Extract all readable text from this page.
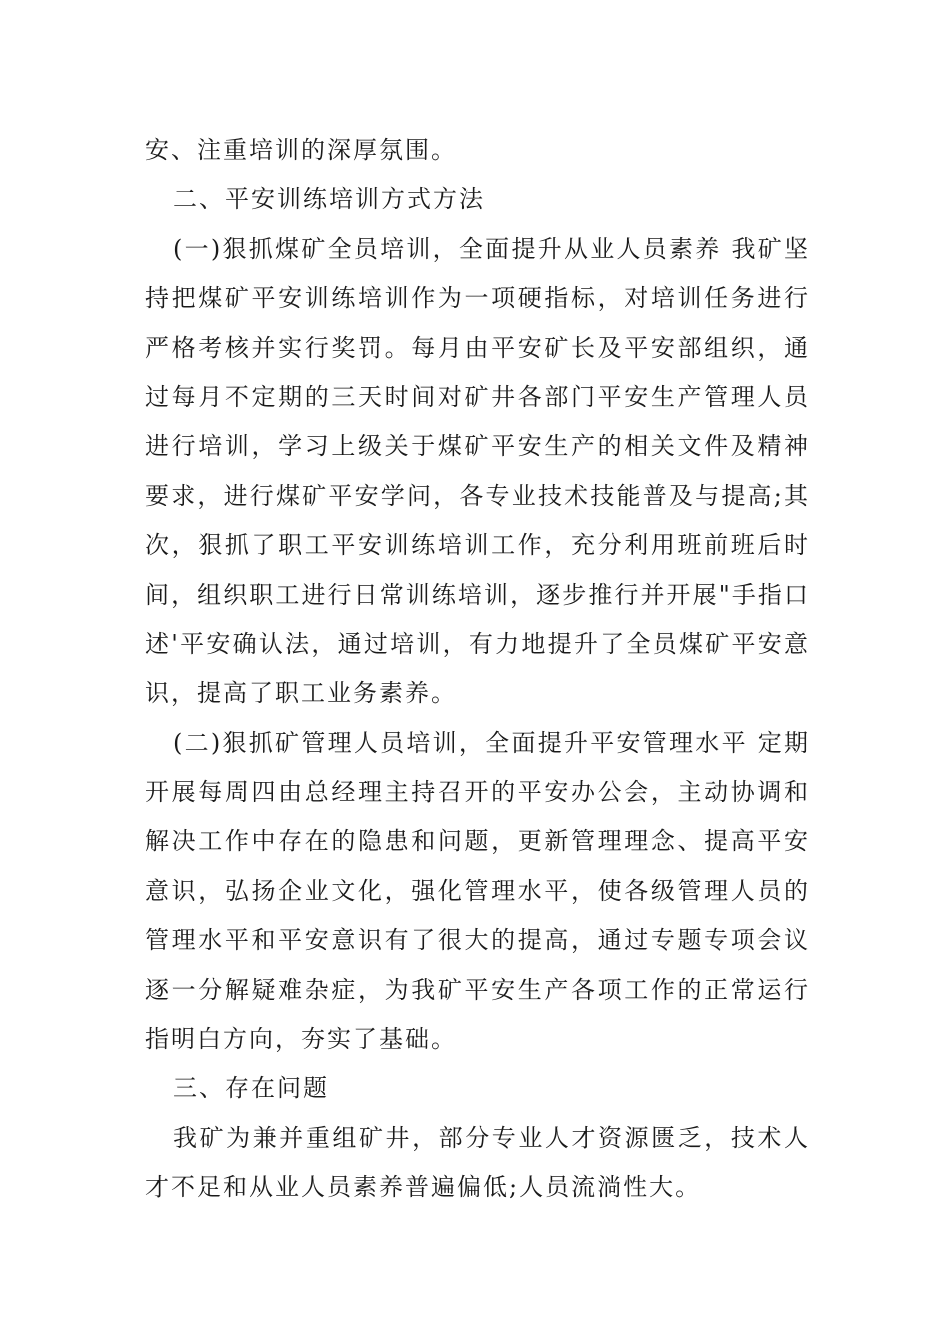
安、注重培训的深厚氛围。
二、平安训练培训方式方法
(一)狠抓煤矿全员培训，全面提升从业人员素养 我矿坚
持把煤矿平安训练培训作为一项硬指标，对培训任务进行
严格考核并实行奖罚。每月由平安矿长及平安部组织，通
过每月不定期的三天时间对矿井各部门平安生产管理人员
进行培训，学习上级关于煤矿平安生产的相关文件及精神
要求，进行煤矿平安学问，各专业技术技能普及与提高;其
次，狠抓了职工平安训练培训工作，充分利用班前班后时
间，组织职工进行日常训练培训，逐步推行并开展"手指口
述'平安确认法，通过培训，有力地提升了全员煤矿平安意
识，提高了职工业务素养。
(二)狠抓矿管理人员培训，全面提升平安管理水平 定期
开展每周四由总经理主持召开的平安办公会，主动协调和
解决工作中存在的隐患和问题，更新管理理念、提高平安
意识，弘扬企业文化，强化管理水平，使各级管理人员的
管理水平和平安意识有了很大的提高，通过专题专项会议
逐一分解疑难杂症，为我矿平安生产各项工作的正常运行
指明白方向，夯实了基础。
三、存在问题
我矿为兼并重组矿井，部分专业人才资源匮乏，技术人
才不足和从业人员素养普遍偏低;人员流淌性大。
